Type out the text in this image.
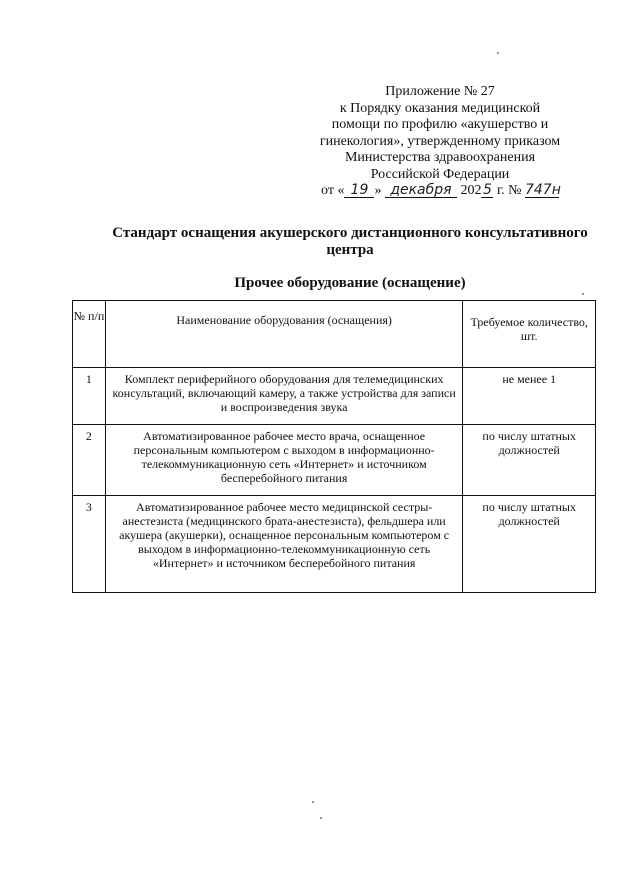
Приложение № 27
к Порядку оказания медицинской
помощи по профилю «акушерство и
гинекология», утвержденному приказом
Министерства здравоохранения
Российской Федерации
от « 19 » декабря 202 5 г. № 747н
Стандарт оснащения акушерского дистанционного консультативного центра
Прочее оборудование (оснащение)
№ п/п	Наименование оборудования (оснащения)	Требуемое количество, шт.
1	Комплект периферийного оборудования для телемедицинских консультаций, включающий камеру, а также устройства для записи и воспроизведения звука	не менее 1
2	Автоматизированное рабочее место врача, оснащенное персональным компьютером с выходом в информационно-телекоммуникационную сеть «Интернет» и источником бесперебойного питания	по числу штатных должностей
3	Автоматизированное рабочее место медицинской сестры-анестезиста (медицинского брата-анестезиста), фельдшера или акушера (акушерки), оснащенное персональным компьютером с выходом в информационно-телекоммуникационную сеть «Интернет» и источником бесперебойного питания	по числу штатных должностей
